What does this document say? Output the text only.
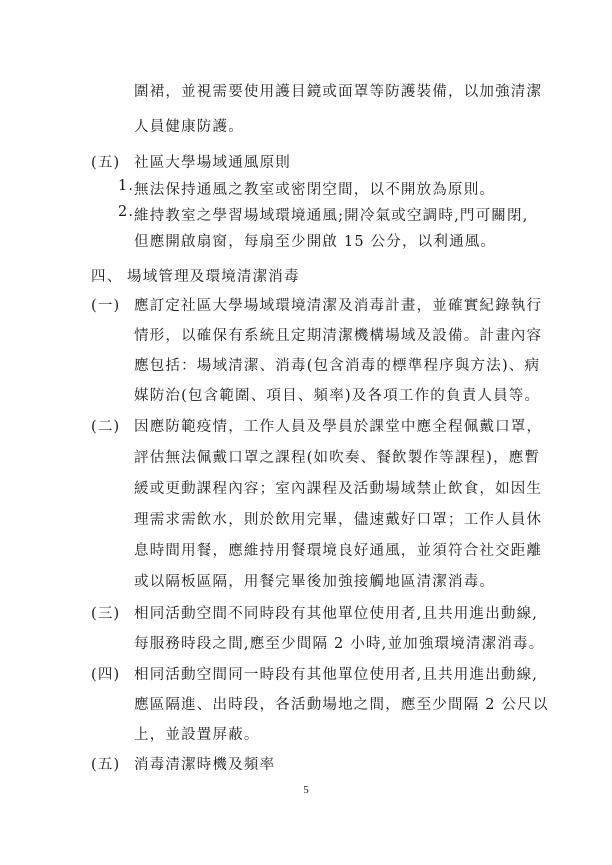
圍裙，並視需要使用護目鏡或面罩等防護裝備，以加強清潔
人員健康防護。
(五) 社區大學場域通風原則
1. 無法保持通風之教室或密閉空間，以不開放為原則。
2. 維持教室之學習場域環境通風;開冷氣或空調時,門可關閉,
但應開啟扇窗，每扇至少開啟 15 公分，以利通風。
四、 場域管理及環境清潔消毒
(一) 應訂定社區大學場域環境清潔及消毒計畫，並確實紀錄執行
情形，以確保有系統且定期清潔機構場域及設備。計畫內容
應包括：場域清潔、消毒(包含消毒的標準程序與方法)、病
媒防治(包含範圍、項目、頻率)及各項工作的負責人員等。
(二) 因應防範疫情，工作人員及學員於課堂中應全程佩戴口罩，
評估無法佩戴口罩之課程(如吹奏、餐飲製作等課程)，應暫
緩或更動課程內容；室內課程及活動場域禁止飲食，如因生
理需求需飲水，則於飲用完畢，儘速戴好口罩；工作人員休
息時間用餐，應維持用餐環境良好通風，並須符合社交距離
或以隔板區隔，用餐完畢後加強接觸地區清潔消毒。
(三) 相同活動空間不同時段有其他單位使用者,且共用進出動線,
每服務時段之間,應至少間隔 2 小時,並加強環境清潔消毒。
(四) 相同活動空間同一時段有其他單位使用者,且共用進出動線,
應區隔進、出時段，各活動場地之間，應至少間隔 2 公尺以
上，並設置屏蔽。
(五) 消毒清潔時機及頻率
5
